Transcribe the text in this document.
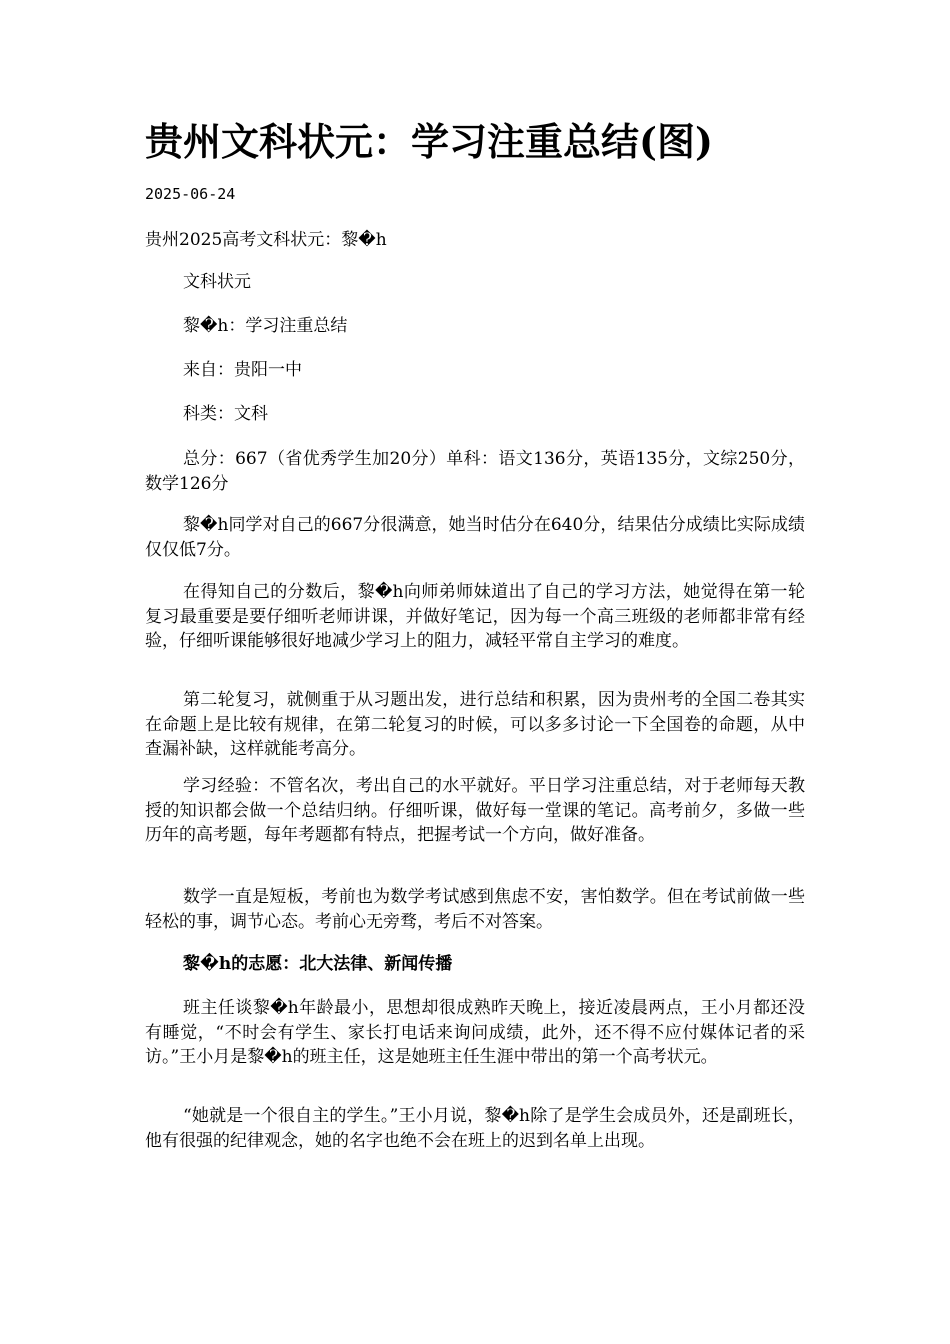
贵州文科状元：学习注重总结(图)
2025-06-24

贵州2025高考文科状元：黎�h

文科状元

黎�h：学习注重总结

来自：贵阳一中

科类：文科

总分：667（省优秀学生加20分）单科：语文136分，英语135分，文综250分，数学126分

黎�h同学对自己的667分很满意，她当时估分在640分，结果估分成绩比实际成绩仅仅低7分。

在得知自己的分数后，黎�h向师弟师妹道出了自己的学习方法，她觉得在第一轮复习最重要是要仔细听老师讲课，并做好笔记，因为每一个高三班级的老师都非常有经验，仔细听课能够很好地减少学习上的阻力，减轻平常自主学习的难度。

第二轮复习，就侧重于从习题出发，进行总结和积累，因为贵州考的全国二卷其实在命题上是比较有规律，在第二轮复习的时候，可以多多讨论一下全国卷的命题，从中查漏补缺，这样就能考高分。

学习经验：不管名次，考出自己的水平就好。平日学习注重总结，对于老师每天教授的知识都会做一个总结归纳。仔细听课，做好每一堂课的笔记。高考前夕，多做一些历年的高考题，每年考题都有特点，把握考试一个方向，做好准备。

数学一直是短板，考前也为数学考试感到焦虑不安，害怕数学。但在考试前做一些轻松的事，调节心态。考前心无旁骛，考后不对答案。

黎�h的志愿：北大法律、新闻传播

班主任谈黎�h年龄最小，思想却很成熟昨天晚上，接近凌晨两点，王小月都还没有睡觉，“不时会有学生、家长打电话来询问成绩，此外，还不得不应付媒体记者的采访。”王小月是黎�h的班主任，这是她班主任生涯中带出的第一个高考状元。

“她就是一个很自主的学生。”王小月说，黎�h除了是学生会成员外，还是副班长，他有很强的纪律观念，她的名字也绝不会在班上的迟到名单上出现。
